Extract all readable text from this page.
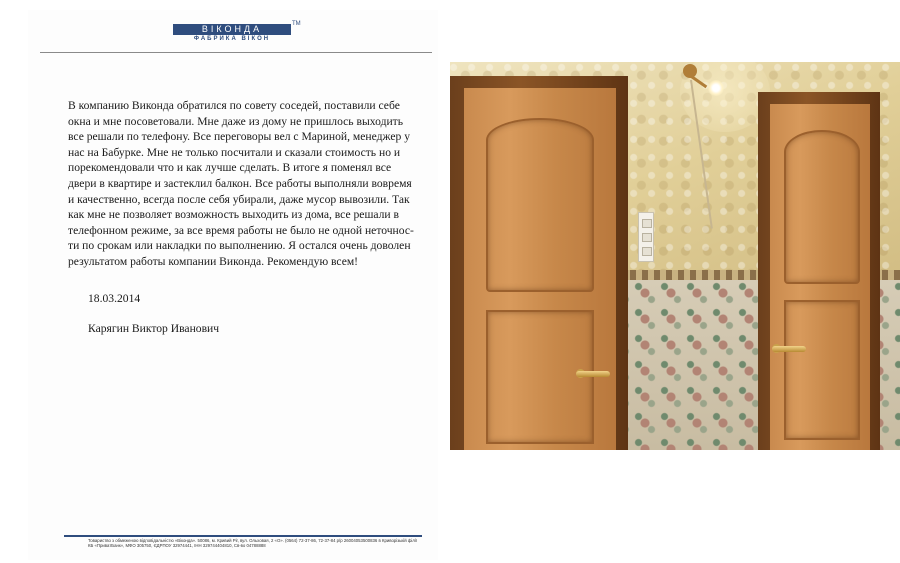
ВІКОНДА	ТМ
ФАБРИКА ВІКОН

В компанию Виконда обратился по совету соседей, поставили себе окна и мне посоветовали. Мне даже из дому не пришлось выходить все решали по телефону. Все переговоры вел с Мариной, менеджер у нас на Бабурке. Мне не только посчитали и сказали стоимость но и порекомендовали что и как лучше сделать. В итоге я поменял все двери в квартире и застеклил балкон. Все работы выполняли вовремя и качественно, всегда после себя убирали, даже мусор вывозили. Так как мне не позволяет возможность выходить из дома, все решали в телефонном режиме, за все время работы не было не одной неточнос-ти по срокам или накладки по выполнению. Я остался очень доволен результатом работы компании Виконда. Рекомендую всем!

18.03.2014
Карягин Виктор Иванович

Товариство з обмеженою відповідальністю «Віконда». 50086, м. Кривий Ріг, вул. Ольховая, 2 «О». (0564) 72-37-86, 72-37-84 р/р 26004053500836 в Криворізькій філії КБ «ПриватБанк», МФО 305750, ЄДРПОУ 32974441, ІНН 329744404810, Св-во 04788888
